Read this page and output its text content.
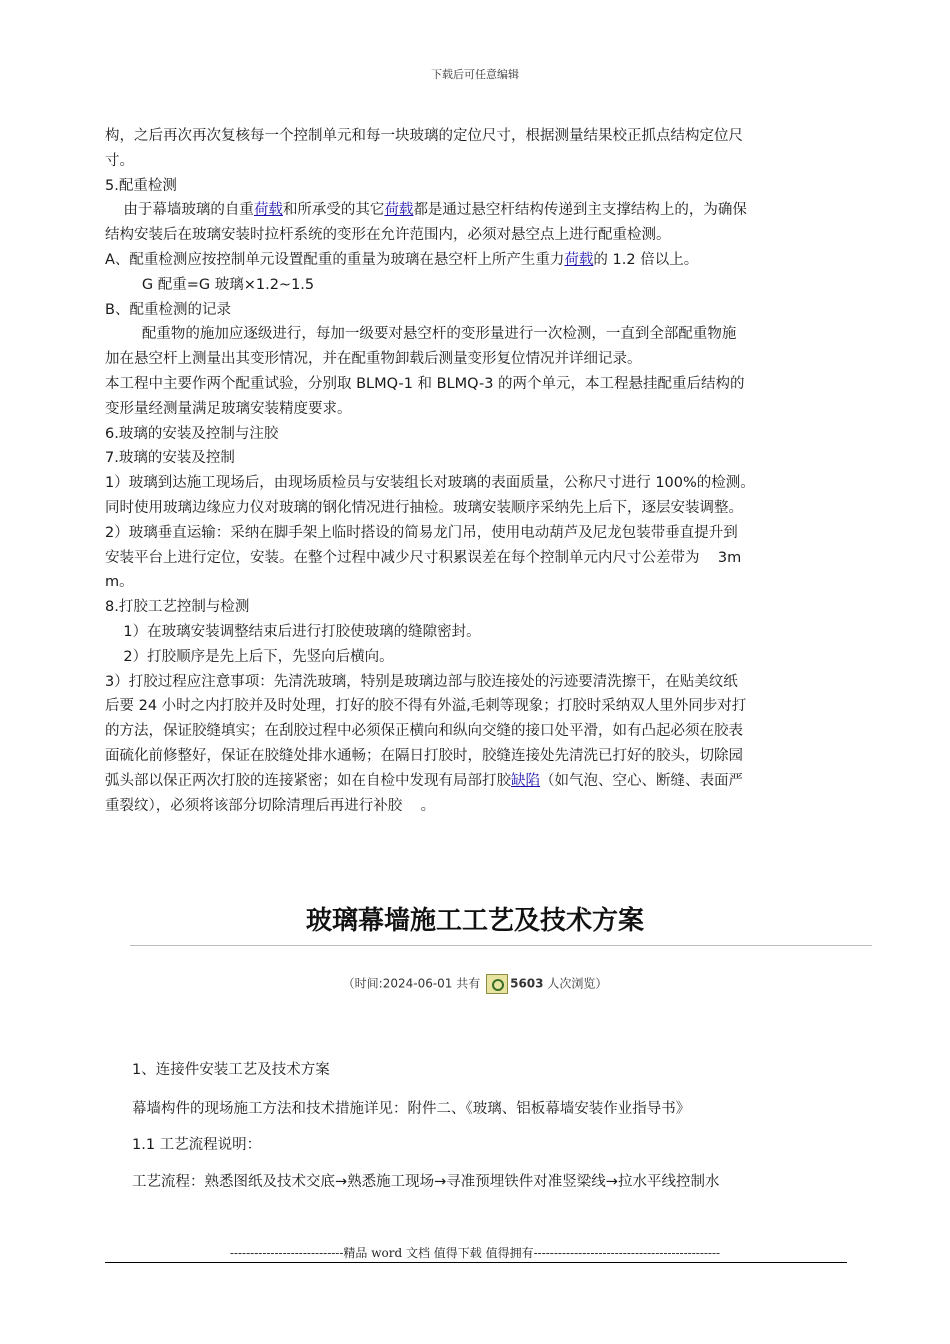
下载后可任意编辑
构，之后再次再次复核每一个控制单元和每一块玻璃的定位尺寸，根据测量结果校正抓点结构定位尺
寸。
5.配重检测
由于幕墙玻璃的自重荷载和所承受的其它荷载都是通过悬空杆结构传递到主支撑结构上的，为确保
结构安装后在玻璃安装时拉杆系统的变形在允许范围内，必须对悬空点上进行配重检测。
A、配重检测应按控制单元设置配重的重量为玻璃在悬空杆上所产生重力荷载的 1.2 倍以上。
G 配重=G 玻璃×1.2~1.5
B、配重检测的记录
配重物的施加应逐级进行，每加一级要对悬空杆的变形量进行一次检测，一直到全部配重物施
加在悬空杆上测量出其变形情况，并在配重物卸载后测量变形复位情况并详细记录。
本工程中主要作两个配重试验，分别取 BLMQ-1 和 BLMQ-3 的两个单元，本工程悬挂配重后结构的
变形量经测量满足玻璃安装精度要求。
6.玻璃的安装及控制与注胶
7.玻璃的安装及控制
1）玻璃到达施工现场后，由现场质检员与安装组长对玻璃的表面质量，公称尺寸进行 100%的检测。
同时使用玻璃边缘应力仪对玻璃的钢化情况进行抽检。玻璃安装顺序采纳先上后下，逐层安装调整。
2）玻璃垂直运输：采纳在脚手架上临时搭设的简易龙门吊，使用电动葫芦及尼龙包装带垂直提升到
安装平台上进行定位，安装。在整个过程中减少尺寸积累误差在每个控制单元内尺寸公差带为    3m
m。
8.打胶工艺控制与检测
1）在玻璃安装调整结束后进行打胶使玻璃的缝隙密封。
2）打胶顺序是先上后下，先竖向后横向。
3）打胶过程应注意事项：先清洗玻璃，特别是玻璃边部与胶连接处的污迹要清洗擦干，在贴美纹纸
后要 24 小时之内打胶并及时处理，打好的胶不得有外溢,毛刺等现象；打胶时采纳双人里外同步对打
的方法，保证胶缝填实；在刮胶过程中必须保正横向和纵向交缝的接口处平滑，如有凸起必须在胶表
面硫化前修整好，保证在胶缝处排水通畅；在隔日打胶时，胶缝连接处先清洗已打好的胶头，切除园
弧头部以保正两次打胶的连接紧密；如在自检中发现有局部打胶缺陷（如气泡、空心、断缝、表面严
重裂纹），必须将该部分切除清理后再进行补胶    。
玻璃幕墙施工工艺及技术方案
（时间:2024-06-01 共有 5603 人次浏览）
1、连接件安装工艺及技术方案
幕墙构件的现场施工方法和技术措施详见：附件二、《玻璃、铝板幕墙安装作业指导书》
1.1 工艺流程说明：
工艺流程：熟悉图纸及技术交底→熟悉施工现场→寻准预埋铁件对准竖梁线→拉水平线控制水
----------------------------精品 word 文档 值得下载 值得拥有----------------------------------------------
